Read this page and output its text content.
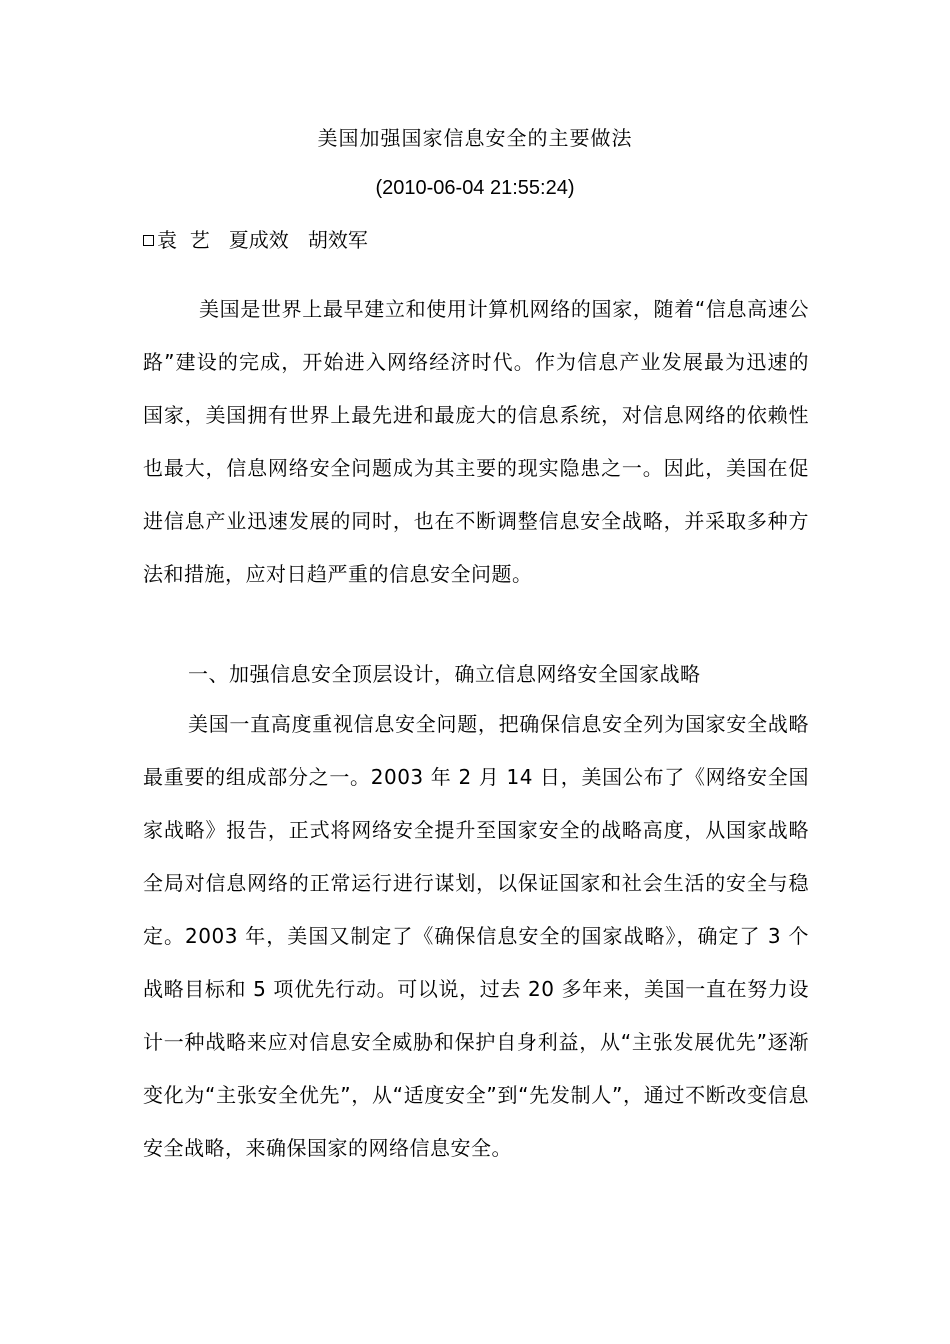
美国加强国家信息安全的主要做法
(2010-06-04 21:55:24)
袁  艺   夏成效   胡效军
美国是世界上最早建立和使用计算机网络的国家，随着“信息高速公路”建设的完成，开始进入网络经济时代。作为信息产业发展最为迅速的国家，美国拥有世界上最先进和最庞大的信息系统，对信息网络的依赖性也最大，信息网络安全问题成为其主要的现实隐患之一。因此，美国在促进信息产业迅速发展的同时，也在不断调整信息安全战略，并采取多种方法和措施，应对日趋严重的信息安全问题。
一、加强信息安全顶层设计，确立信息网络安全国家战略
美国一直高度重视信息安全问题，把确保信息安全列为国家安全战略最重要的组成部分之一。2003 年 2 月 14 日，美国公布了《网络安全国家战略》报告，正式将网络安全提升至国家安全的战略高度，从国家战略全局对信息网络的正常运行进行谋划，以保证国家和社会生活的安全与稳定。2003 年，美国又制定了《确保信息安全的国家战略》，确定了 3 个战略目标和 5 项优先行动。可以说，过去 20 多年来，美国一直在努力设计一种战略来应对信息安全威胁和保护自身利益，从“主张发展优先”逐渐变化为“主张安全优先”，从“适度安全”到“先发制人”，通过不断改变信息安全战略，来确保国家的网络信息安全。
